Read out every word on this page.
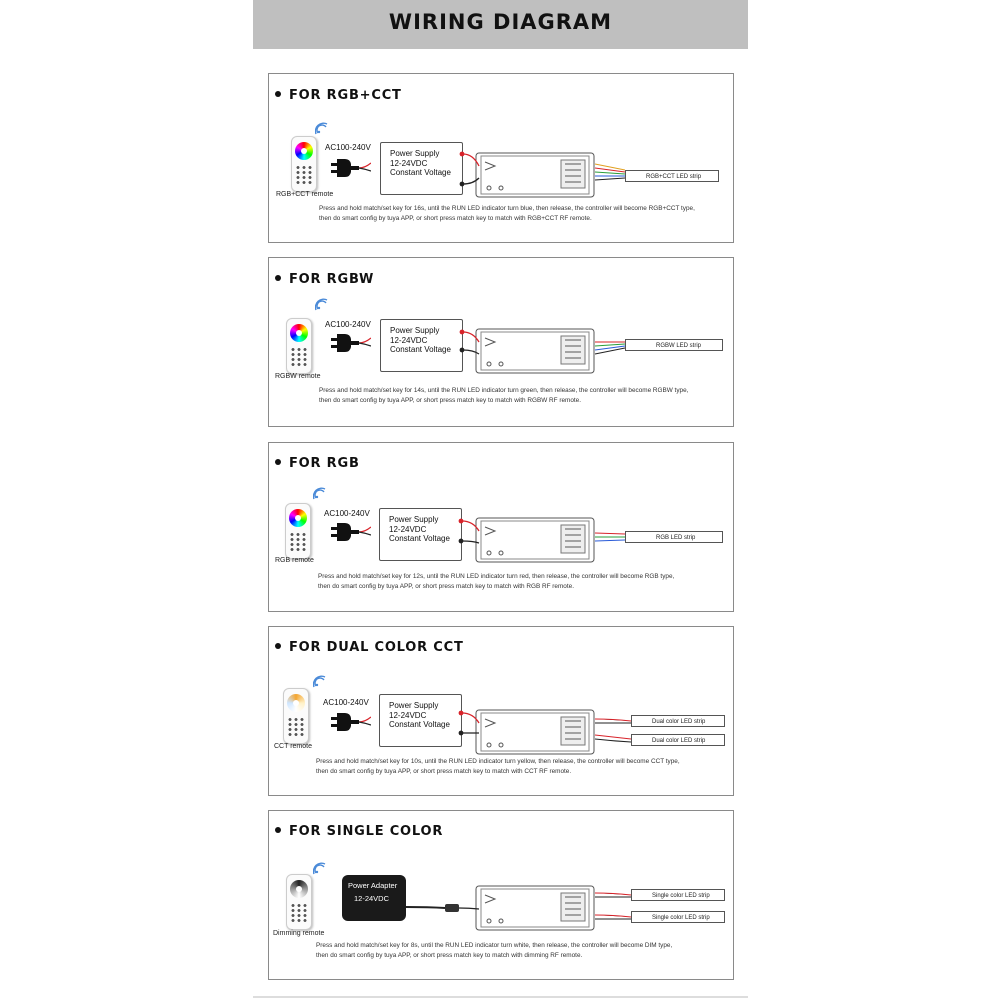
WIRING DIAGRAM
FOR RGB+CCT
RGB+CCT remote
AC100-240V
Power Supply
12-24VDC
Constant Voltage	RGB+CCT LED strip
Press and hold match/set key for 16s, until the RUN LED indicator turn blue, then release, the controller will become RGB+CCT type,
then do smart config by tuya APP, or short press match key to match with RGB+CCT RF remote.
FOR RGBW
RGBW remote
AC100-240V
Power Supply
12-24VDC
Constant Voltage	RGBW LED strip
Press and hold match/set key for 14s, until the RUN LED indicator turn green, then release, the controller will become RGBW type,
then do smart config by tuya APP, or short press match key to match with RGBW RF remote.
FOR RGB
RGB remote
AC100-240V
Power Supply
12-24VDC
Constant Voltage	RGB LED strip
Press and hold match/set key for 12s, until the RUN LED indicator turn red, then release, the controller will become RGB type,
then do smart config by tuya APP, or short press match key to match with RGB RF remote.
FOR DUAL COLOR CCT
CCT remote
AC100-240V	Power Supply
12-24VDC
Constant Voltage	Dual color LED strip
Dual color LED strip
Press and hold match/set key for 10s, until the RUN LED indicator turn yellow, then release, the controller will become CCT type,
then do smart config by tuya APP, or short press match key to match with CCT RF remote.
FOR SINGLE COLOR
Dimming remote
Power Adapter
12-24VDC	Single color LED strip
Single color LED strip
Press and hold match/set key for 8s, until the RUN LED indicator turn white, then release, the controller will become DIM type,
then do smart config by tuya APP, or short press match key to match with dimming RF remote.
